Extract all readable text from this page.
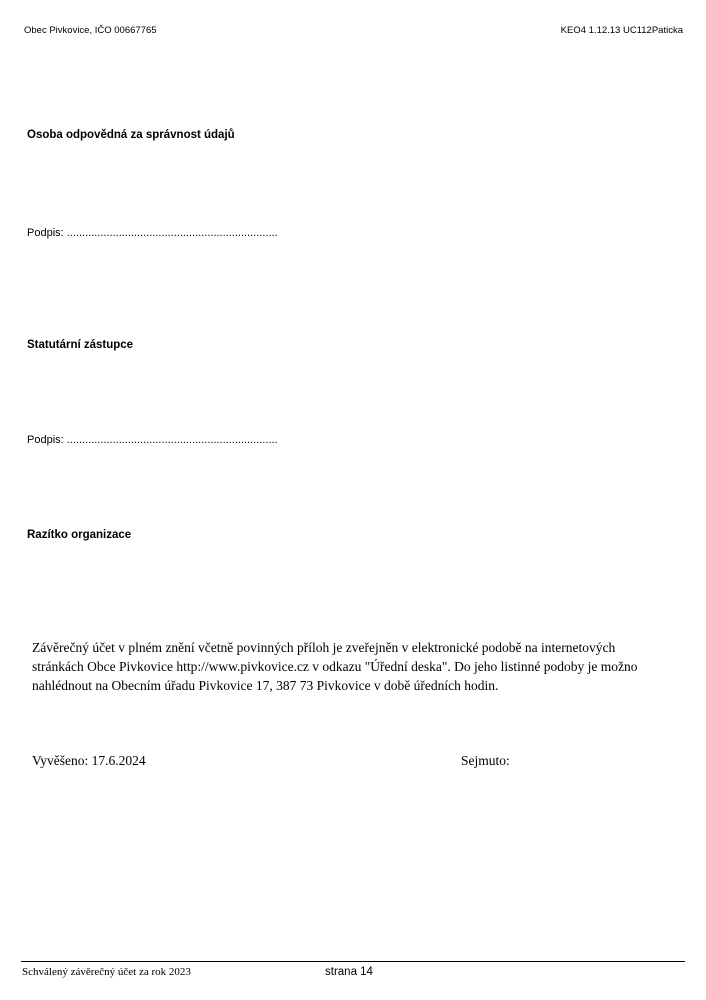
Obec Pivkovice, IČO 00667765	KEO4 1.12.13 UC112Paticka
Osoba odpovědná za správnost údajů
Podpis: .....................................................................
Statutární zástupce
Podpis: .....................................................................
Razítko organizace
Závěrečný účet v plném znění včetně povinných příloh je zveřejněn v elektronické podobě na internetových
stránkách Obce Pivkovice http://www.pivkovice.cz v odkazu "Úřední deska". Do jeho listinné podoby je možno
nahlédnout na Obecním úřadu Pivkovice 17, 387 73 Pivkovice v době úředních hodin.
Vyvěšeno: 17.6.2024	Sejmuto:
Schválený závěrečný účet za rok 2023	strana 14
